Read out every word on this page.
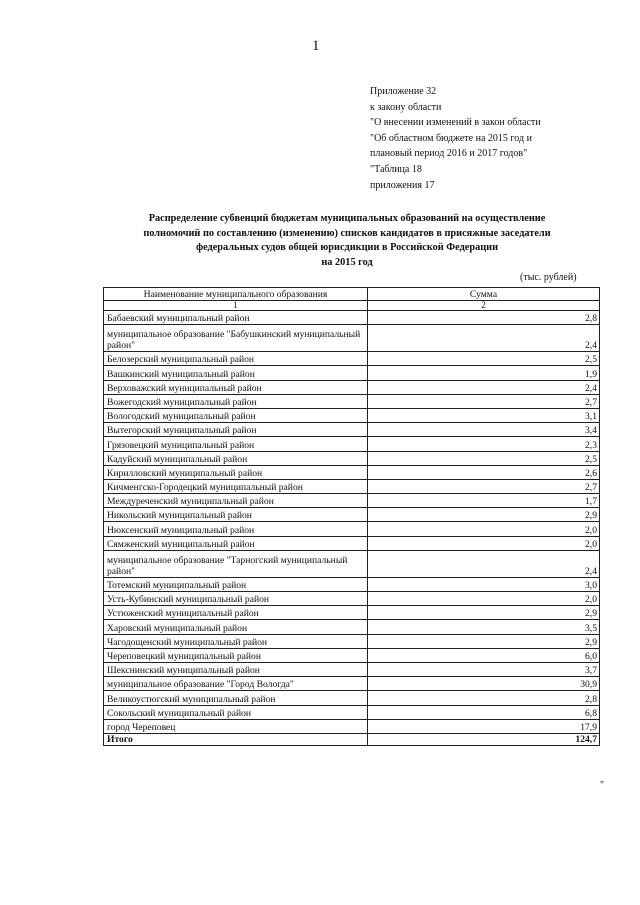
1
Приложение 32
к закону области
"О внесении изменений в закон области
"Об областном бюджете на 2015 год и
плановый период 2016 и 2017 годов"
"Таблица 18
приложения 17
Распределение субвенций бюджетам муниципальных образований на осуществление
полномочий по составлению (изменению) списков кандидатов в присяжные заседатели
федеральных судов общей юрисдикции в Российской Федерации
на 2015 год
(тыс. рублей)
Наименование муниципального образования	Сумма
1	2
Бабаевский муниципальный район	2,8
муниципальное образование "Бабушкинский муниципальный район"	2,4
Белозерский муниципальный район	2,5
Вашкинский муниципальный район	1,9
Верховажский муниципальный район	2,4
Вожегодский муниципальный район	2,7
Вологодский муниципальный район	3,1
Вытегорский муниципальный район	3,4
Грязовецкий муниципальный район	2,3
Кадуйский муниципальный район	2,5
Кирилловский муниципальный район	2,6
Кичменгско-Городецкий муниципальный район	2,7
Междуреченский муниципальный район	1,7
Никольский муниципальный район	2,9
Нюксенский муниципальный район	2,0
Сямженский муниципальный район	2,0
муниципальное образование "Тарногский муниципальный район"	2,4
Тотемский муниципальный район	3,0
Усть-Кубинский муниципальный район	2,0
Устюженский муниципальный район	2,9
Харовский муниципальный район	3,5
Чагодощенский муниципальный район	2,9
Череповецкий муниципальный район	6,0
Шекснинский муниципальный район	3,7
муниципальное образование "Город Вологда"	30,9
Великоустюгский муниципальный район	2,8
Сокольский муниципальный район	6,8
город Череповец	17,9
Итого	124,7
"
